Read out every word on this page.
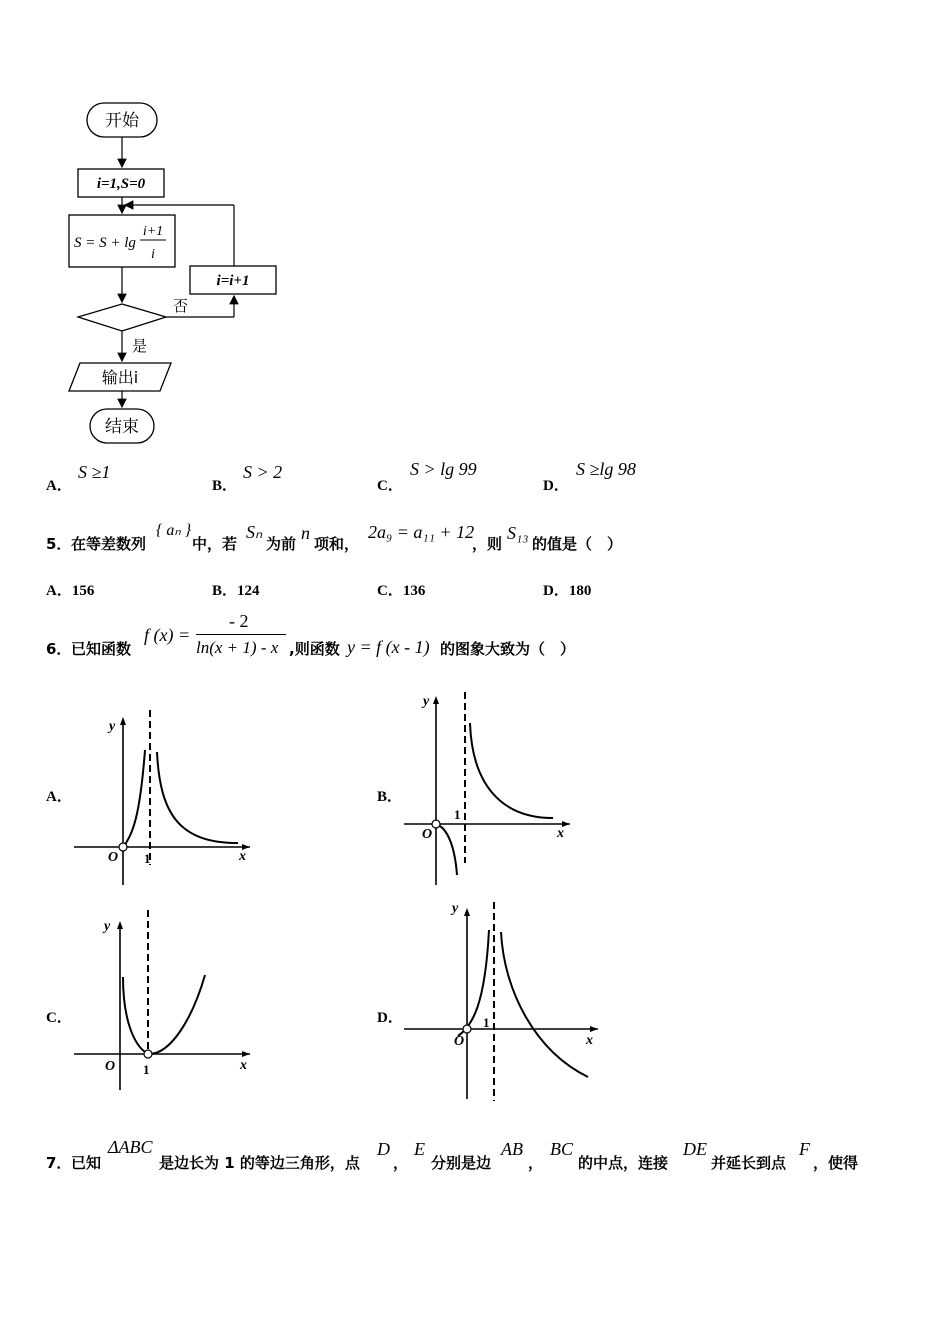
开始
i=1,S=0
S = S + lg
i+1
i
否
i=i+1
是
输出i
结束
A．
S ≥1
B．
S > 2
C．
S > lg 99
D．
S ≥lg 98
5． 在等差数列
{ aₙ }
中，若
Sₙ
为前
n
项和，
2a₉ = a₁₁ + 12
，则
S₁₃
的值是（　）
A．156	B．124	C．136	D．180
6． 已知函数
f (x) =
- 2
ln(x + 1) - x ,则函数 y = f (x - 1) 的图象大致为（　）
A．
y
x
O 1
B．
y
x
O
1
C．
y
x
O 1
D．
y
x
O
1
7． 已知
ΔABC
是边长为 1 的等边三角形，点
D
，
E
分别是边
AB
，
BC
的中点，连接
DE
并延长到点
F
，使得
